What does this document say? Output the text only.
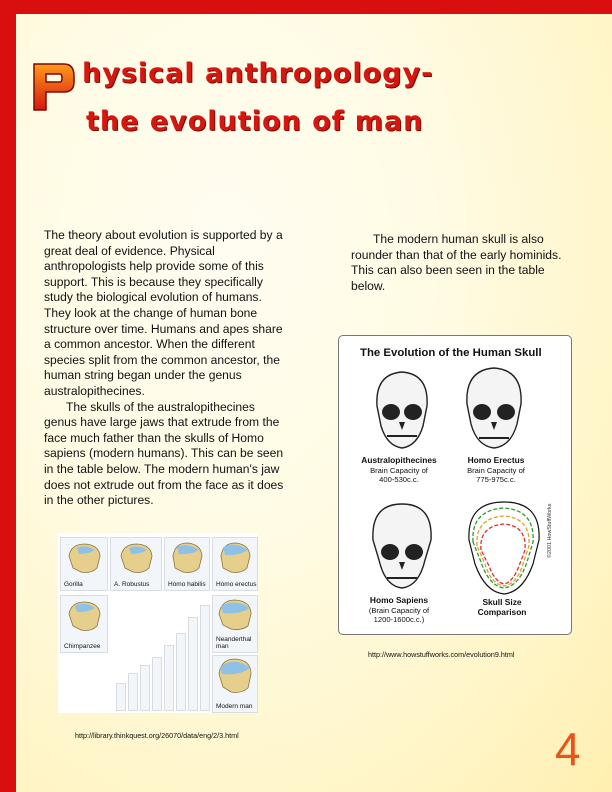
hysical anthropology-
the evolution of man

The theory about evolution is supported by a great deal of evidence. Physical anthropologists help provide some of this support. This is because they specifically study the biological evolution of humans. They look at the change of human bone structure over time. Humans and apes share a common ancestor. When the different species split from the common ancestor, the human string began under the genus australopithecines.

The skulls of the australopithecines genus have large jaws that extrude from the face much father than the skulls of Homo sapiens (modern humans). This can be seen in the table below. The modern human's jaw does not extrude out from the face as it does in the other pictures.

The modern human skull is also rounder than that of the early hominids. This can also been seen in the table below.

Gorilla	A. Robustus	Homo habilis	Homo erectus
Chimpanzee
Neanderthal man
Modern man
The Evolution of the Human Skull
Australopithecines
Brain Capacity of
400-530c.c.
Homo Erectus
Brain Capacity of
775-975c.c.
Homo Sapiens
(Brain Capacity of
1200-1600c.c.)
Skull Size
Comparison
©2001 HowStuffWorks
http://www.howstuffworks.com/evolution9.html
http://library.thinkquest.org/26070/data/eng/2/3.html	4
